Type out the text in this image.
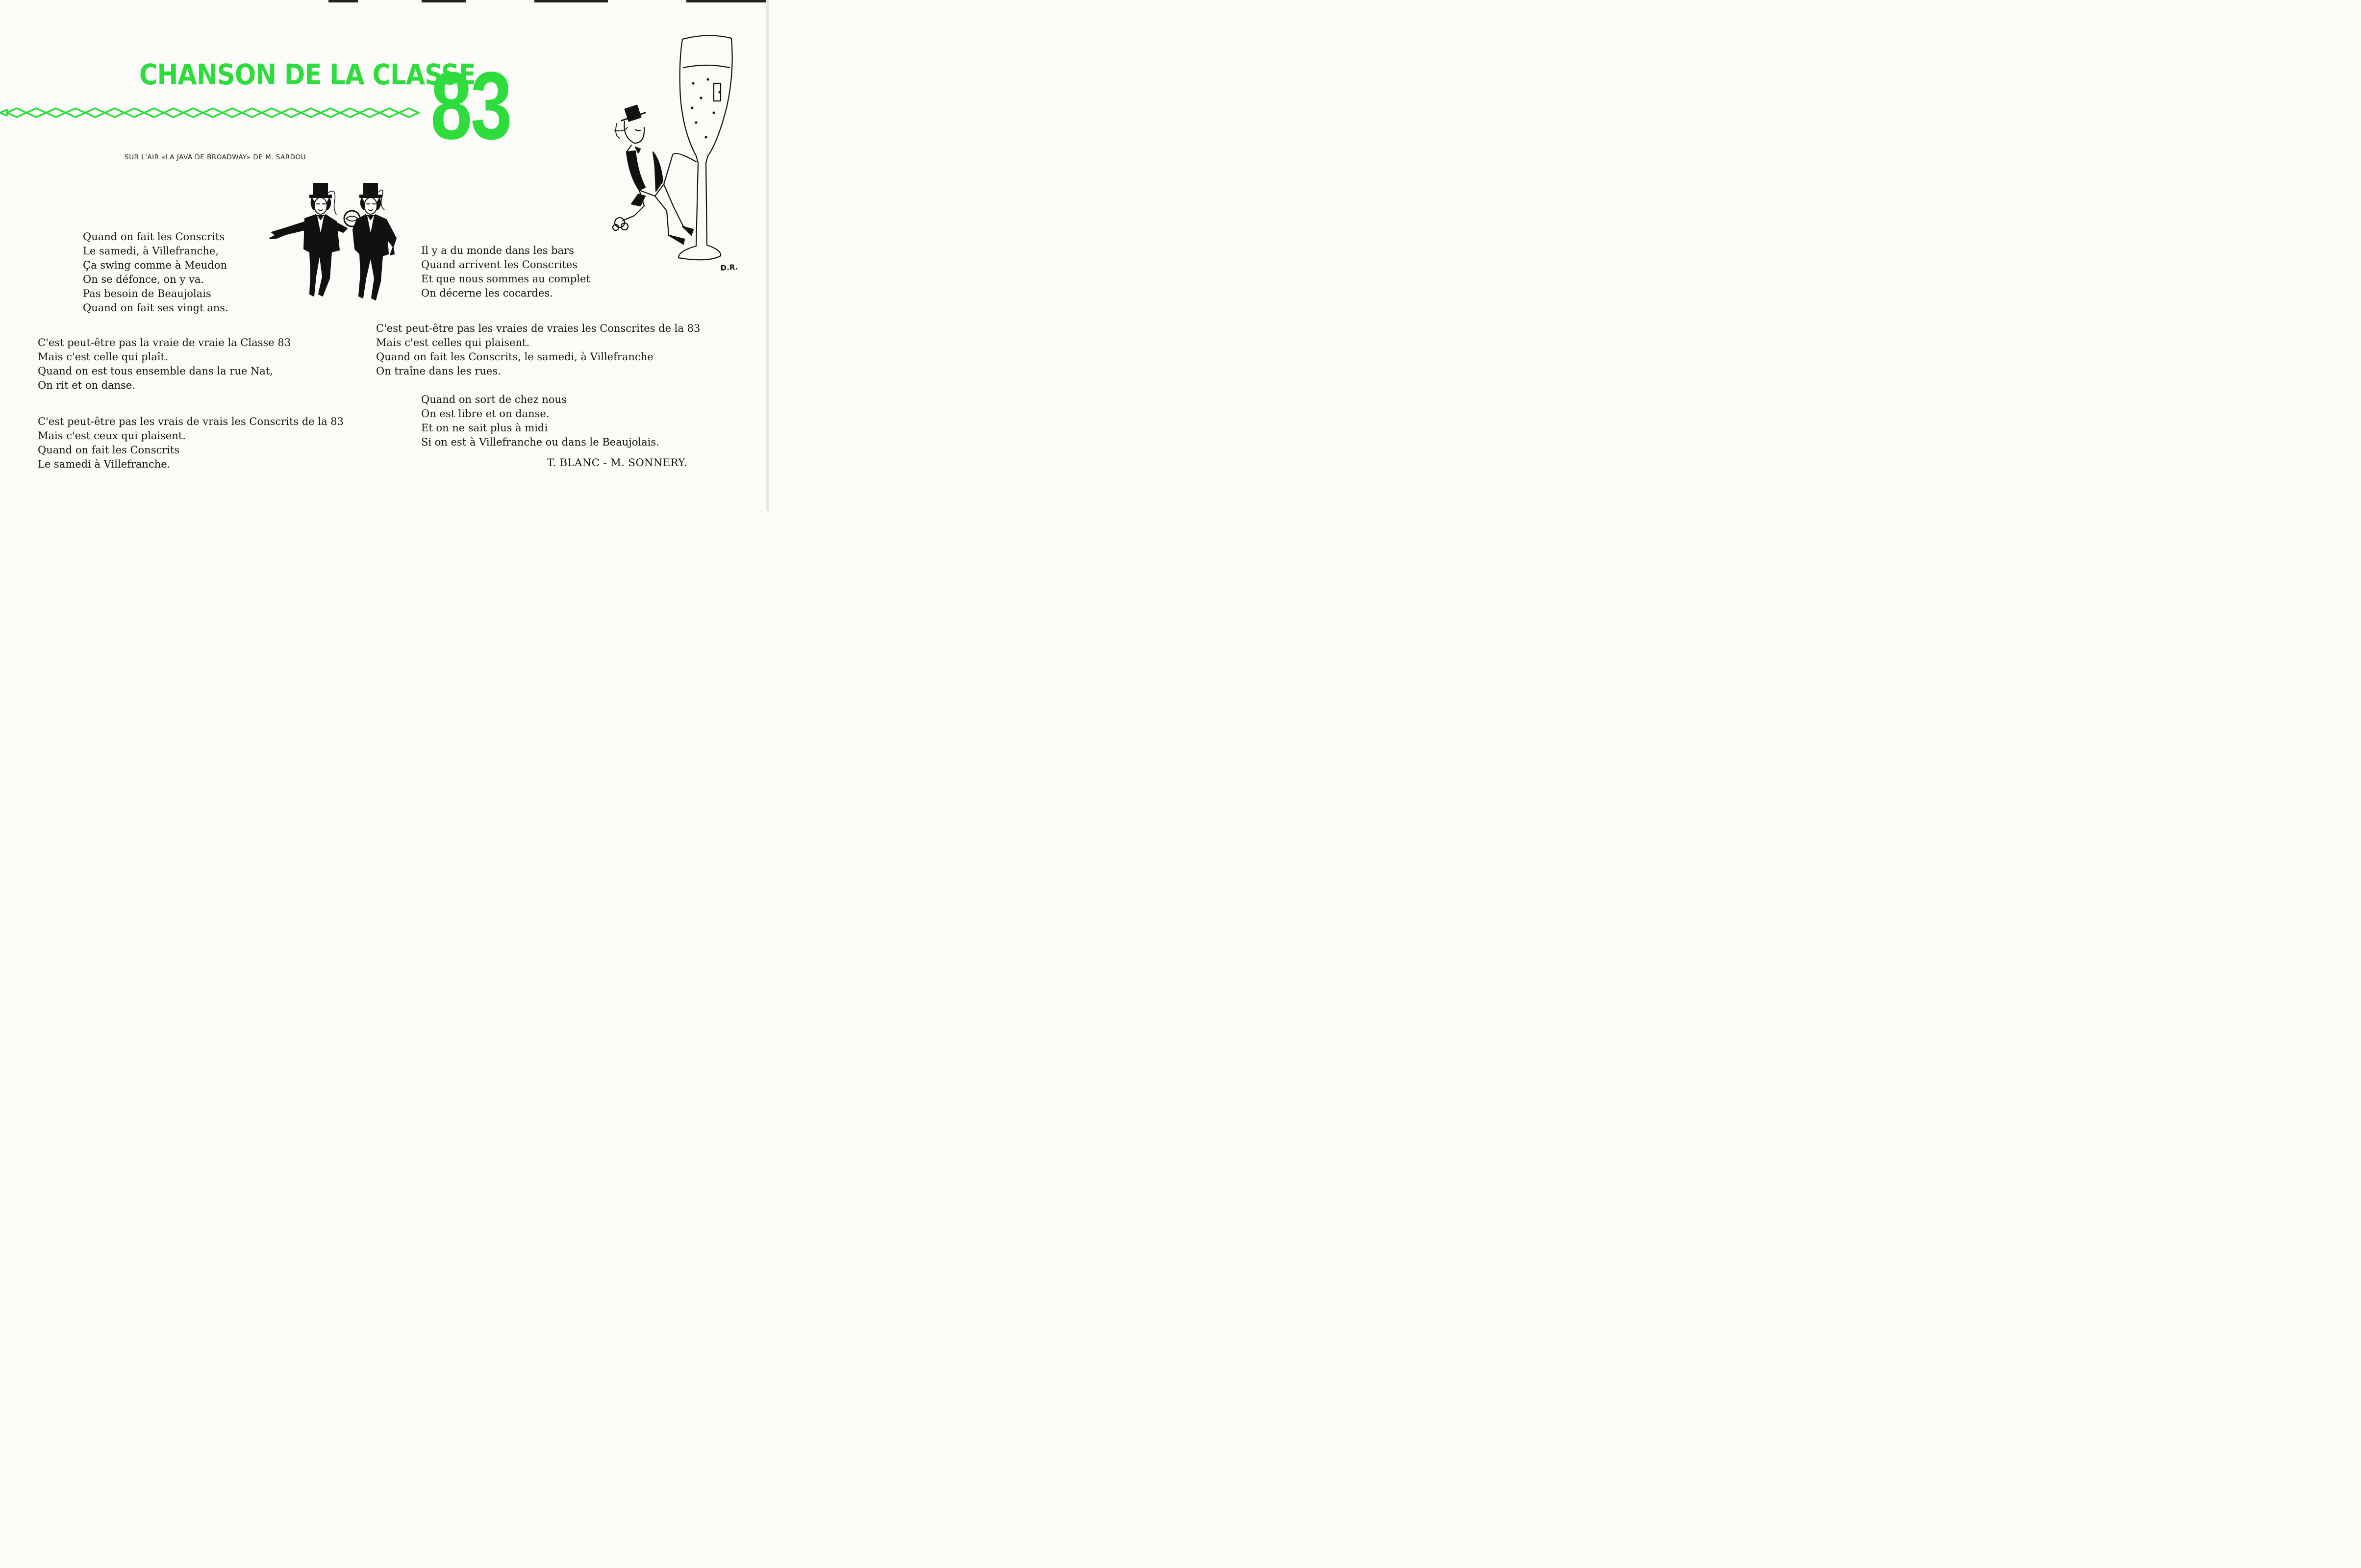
CHANSON DE LA CLASSE
83
SUR L'AIR «LA JAVA DE BROADWAY» DE M. SARDOU
Quand on fait les Conscrits
Le samedi, à Villefranche,
Ça swing comme à Meudon
On se défonce, on y va.
Pas besoin de Beaujolais
Quand on fait ses vingt ans.
C'est peut-être pas la vraie de vraie la Classe 83
Mais c'est celle qui plaît.
Quand on est tous ensemble dans la rue Nat,
On rit et on danse.
C'est peut-être pas les vrais de vrais les Conscrits de la 83
Mais c'est ceux qui plaisent.
Quand on fait les Conscrits
Le samedi à Villefranche.
Il y a du monde dans les bars
Quand arrivent les Conscrites
Et que nous sommes au complet
On décerne les cocardes.
C'est peut-être pas les vraies de vraies les Conscrites de la 83
Mais c'est celles qui plaisent.
Quand on fait les Conscrits, le samedi, à Villefranche
On traîne dans les rues.
Quand on sort de chez nous
On est libre et on danse.
Et on ne sait plus à midi
Si on est à Villefranche ou dans le Beaujolais.
T. BLANC - M. SONNERY.
D.R.
